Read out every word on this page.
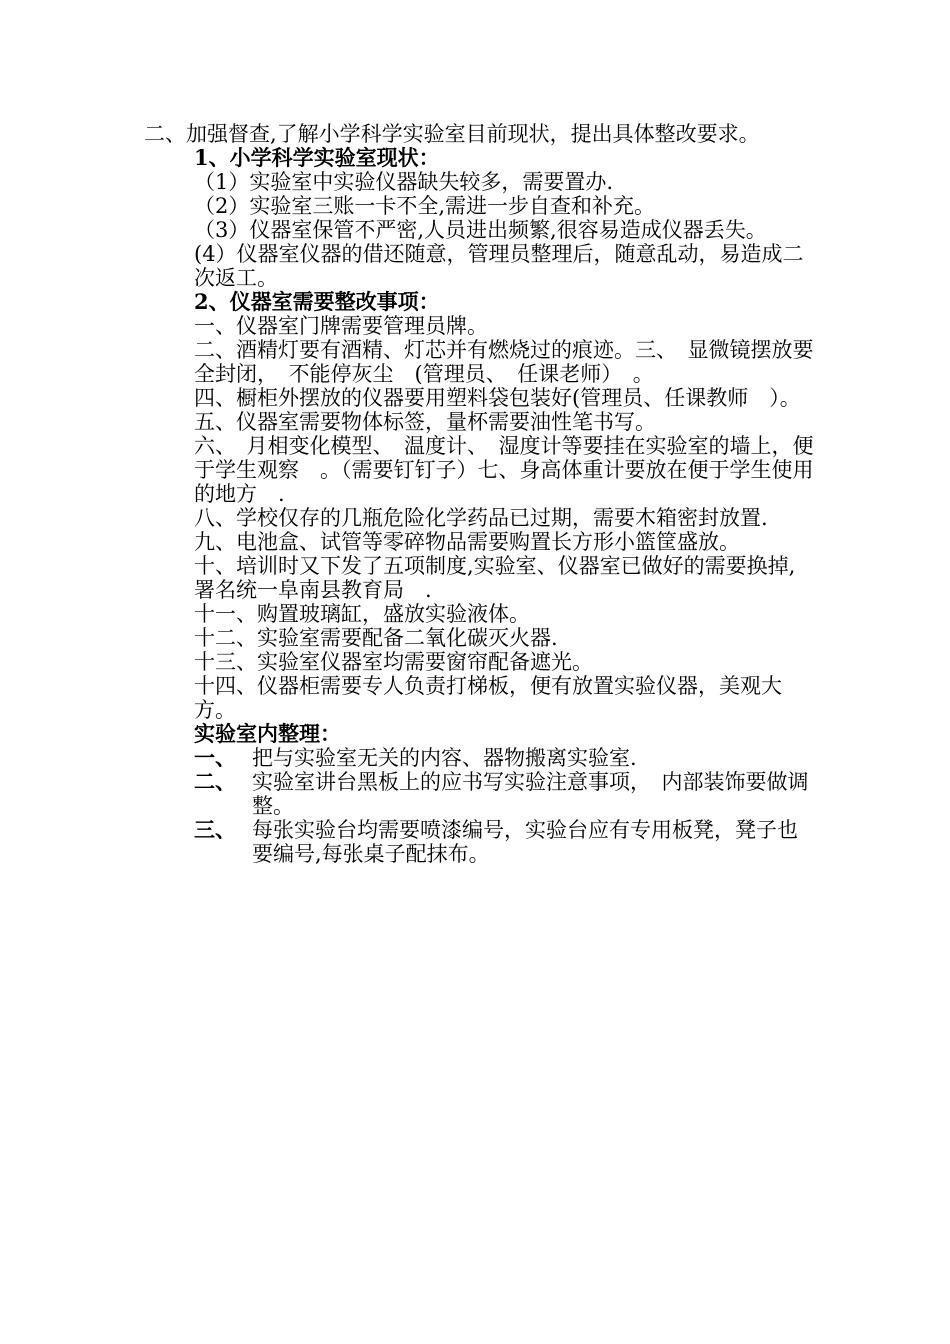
二、加强督查,了解小学科学实验室目前现状，提出具体整改要求。

1、小学科学实验室现状：

（1）实验室中实验仪器缺失较多，需要置办.

（2）实验室三账一卡不全,需进一步自查和补充。

（3）仪器室保管不严密,人员进出频繁,很容易造成仪器丢失。

(4）仪器室仪器的借还随意，管理员整理后，随意乱动，易造成二次返工。

2、仪器室需要整改事项：

一、仪器室门牌需要管理员牌。

二、酒精灯要有酒精、灯芯并有燃烧过的痕迹。三、　显微镜摆放要全封闭，　不能停灰尘　(管理员、　任课老师）　。

四、橱柜外摆放的仪器要用塑料袋包装好(管理员、任课教师　）。

五、仪器室需要物体标签，量杯需要油性笔书写。

六、　月相变化模型、　温度计、　湿度计等要挂在实验室的墙上，便于学生观察　。（需要钉钉子）七、身高体重计要放在便于学生使用的地方　.

八、学校仅存的几瓶危险化学药品已过期，需要木箱密封放置.

九、电池盒、试管等零碎物品需要购置长方形小篮筐盛放。

十、培训时又下发了五项制度,实验室、仪器室已做好的需要换掉,署名统一阜南县教育局　.

十一、购置玻璃缸，盛放实验液体。

十二、实验室需要配备二氧化碳灭火器.

十三、实验室仪器室均需要窗帘配备遮光。

十四、仪器柜需要专人负责打梯板，便有放置实验仪器，美观大方。

实验室内整理：

一、 把与实验室无关的内容、器物搬离实验室.
二、 实验室讲台黑板上的应书写实验注意事项，　内部装饰要做调整。
三、 每张实验台均需要喷漆编号，实验台应有专用板凳，凳子也要编号,每张桌子配抹布。
